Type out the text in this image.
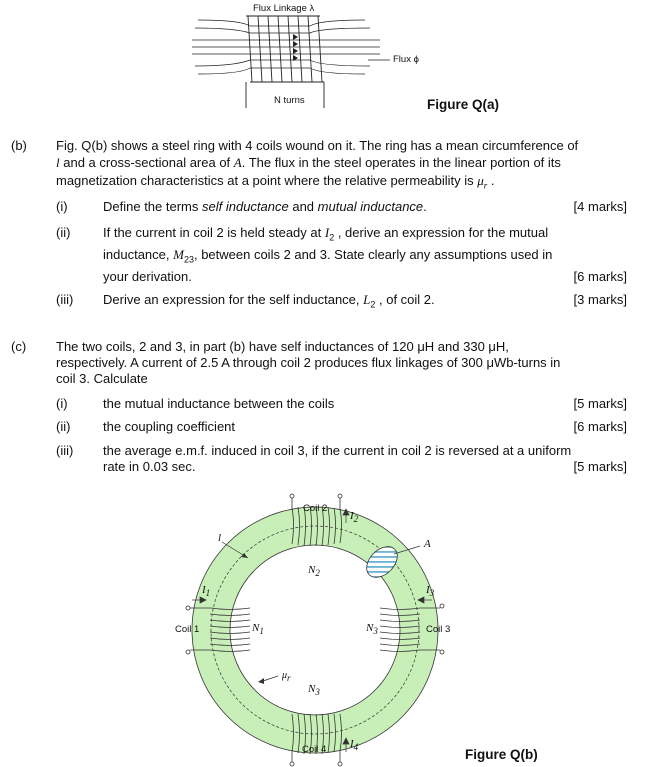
Flux Linkage λ
Flux ϕ
N turns	Figure Q(a)
(b) Fig. Q(b) shows a steel ring with 4 coils wound on it. The ring has a mean circumference of
l and a cross-sectional area of A. The flux in the steel operates in the linear portion of its
magnetization characteristics at a point where the relative permeability is $\mu_r$ .
(i)	Define the terms self inductance and mutual inductance.	[4 marks]
(ii)	If the current in coil 2 is held steady at $I_2$ , derive an expression for the mutual
inductance, $M_{23}$, between coils 2 and 3. State clearly any assumptions used in
your derivation.	[6 marks]
(iii) Derive an expression for the self inductance, $L_2$ , of coil 2.	[3 marks]
(c) The two coils, 2 and 3, in part (b) have self inductances of 120 μH and 330 μH,
respectively. A current of 2.5 A through coil 2 produces flux linkages of 300 μWb-turns in
coil 3. Calculate
(i)	the mutual inductance between the coils	[5 marks]
(ii)	the coupling coefficient	[6 marks]
(iii) the average e.m.f. induced in coil 3, if the current in coil 2 is reversed at a uniform
rate in 0.03 sec.	[5 marks]
Coil 2
Coil 1	Coil 3
Coil 4
l	A
$\mu_r$
$N_2$
$N_1$	$N_3$
$N_3$
$I_2$
$I_1$	$I_3$
$I_4$	Figure Q(b)
